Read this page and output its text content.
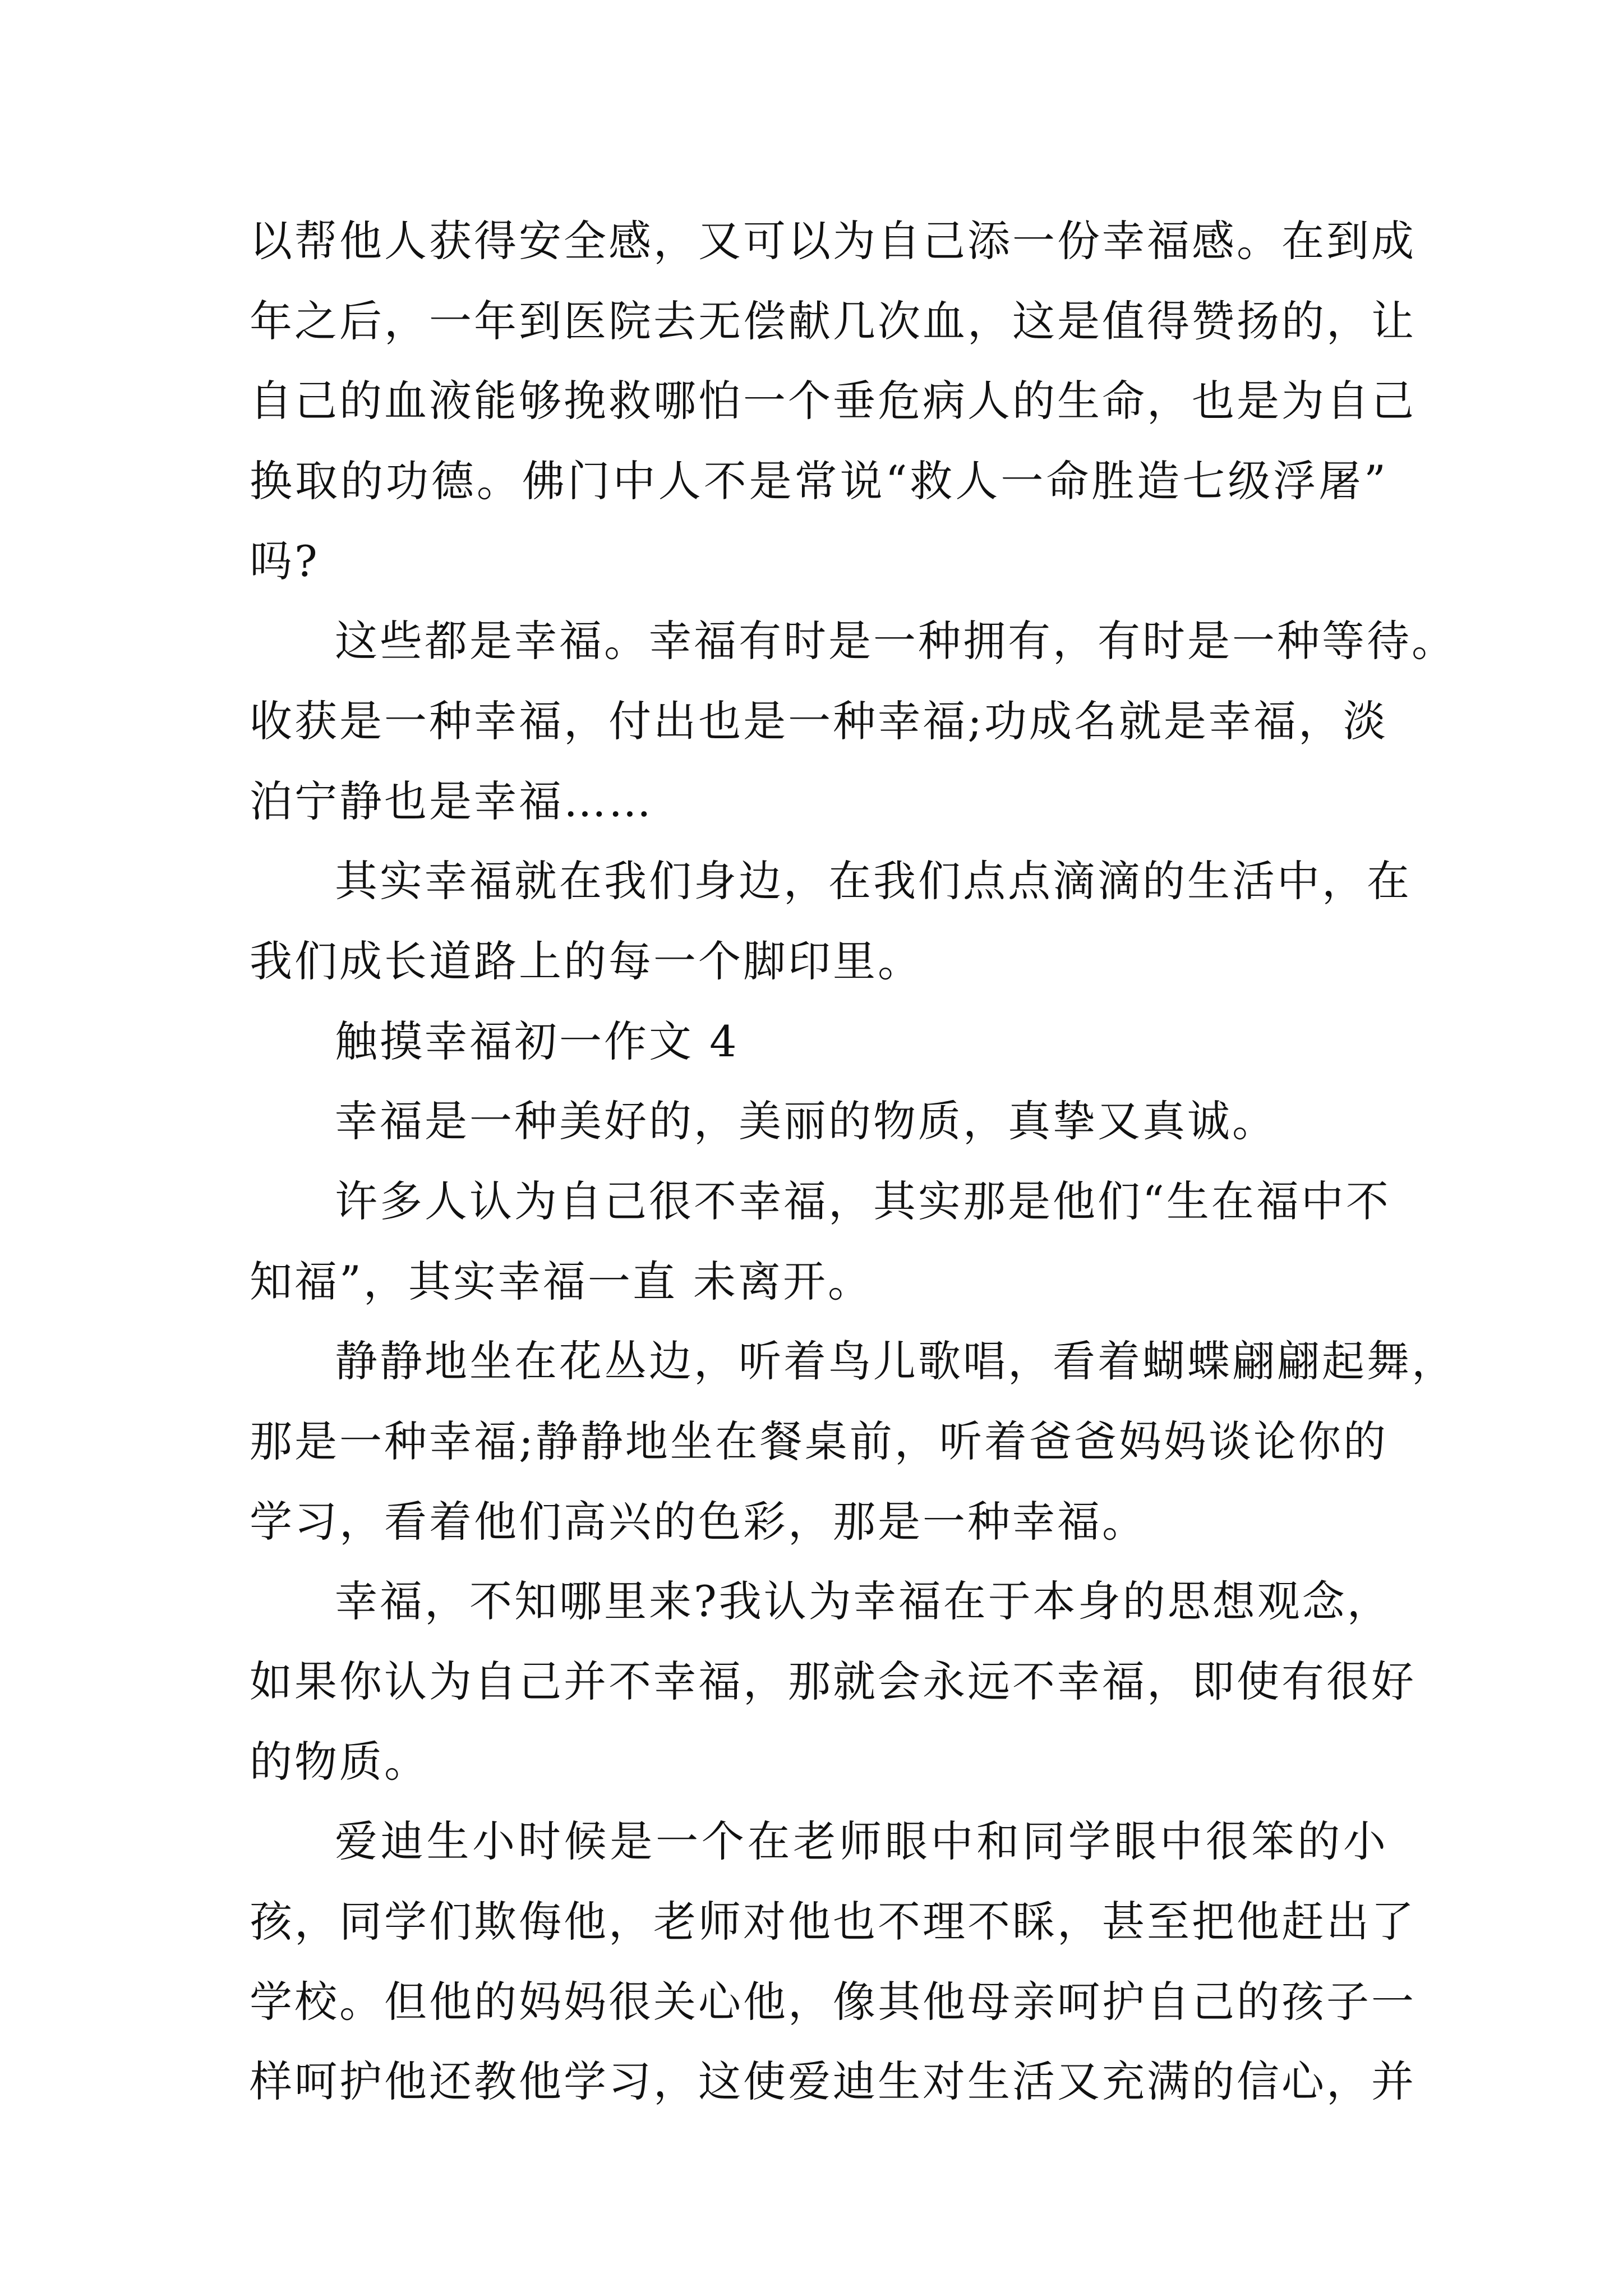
以帮他人获得安全感，又可以为自己添一份幸福感。在到成
年之后，一年到医院去无偿献几次血，这是值得赞扬的，让
自己的血液能够挽救哪怕一个垂危病人的生命，也是为自己
换取的功德。佛门中人不是常说“救人一命胜造七级浮屠”
吗?
这些都是幸福。幸福有时是一种拥有，有时是一种等待。
收获是一种幸福，付出也是一种幸福;功成名就是幸福，淡
泊宁静也是幸福……
其实幸福就在我们身边，在我们点点滴滴的生活中，在
我们成长道路上的每一个脚印里。
触摸幸福初一作文 4
幸福是一种美好的，美丽的物质，真挚又真诚。
许多人认为自己很不幸福，其实那是他们“生在福中不
知福”，其实幸福一直 未离开。
静静地坐在花丛边，听着鸟儿歌唱，看着蝴蝶翩翩起舞，
那是一种幸福;静静地坐在餐桌前，听着爸爸妈妈谈论你的
学习，看着他们高兴的色彩，那是一种幸福。
幸福，不知哪里来?我认为幸福在于本身的思想观念，
如果你认为自己并不幸福，那就会永远不幸福，即使有很好
的物质。
爱迪生小时候是一个在老师眼中和同学眼中很笨的小
孩，同学们欺侮他，老师对他也不理不睬，甚至把他赶出了
学校。但他的妈妈很关心他，像其他母亲呵护自己的孩子一
样呵护他还教他学习，这使爱迪生对生活又充满的信心，并
